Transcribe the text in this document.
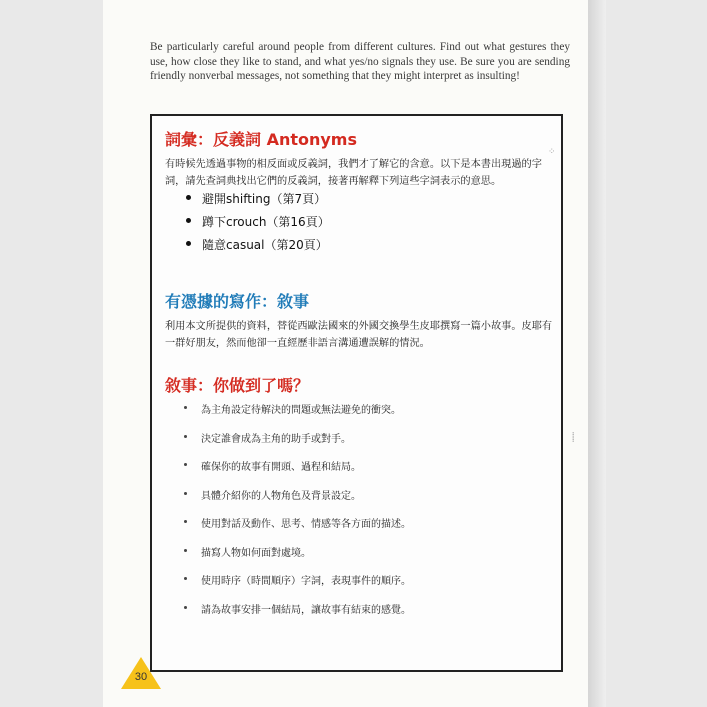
Be particularly careful around people from different cultures. Find out what gestures they use, how close they like to stand, and what yes/no signals they use. Be sure you are sending friendly nonverbal messages, not something that they might interpret as insulting!

詞彙：反義詞 Antonyms

有時候先透過事物的相反面或反義詞，我們才了解它的含意。以下是本書出現過的字詞，請先查詞典找出它們的反義詞，接著再解釋下列這些字詞表示的意思。

避開shifting（第7頁）
蹲下crouch（第16頁）
隨意casual（第20頁）
有憑據的寫作：敘事

利用本文所提供的資料，替從西歐法國來的外國交換學生皮耶撰寫一篇小故事。皮耶有一群好朋友，然而他卻一直經歷非語言溝通遭誤解的情況。

敘事：你做到了嗎？
為主角設定待解決的問題或無法避免的衝突。
決定誰會成為主角的助手或對手。
確保你的故事有開頭、過程和結局。
具體介紹你的人物角色及背景設定。
使用對話及動作、思考、情感等各方面的描述。
描寫人物如何面對處境。
使用時序（時間順序）字詞，表現事件的順序。
請為故事安排一個結局，讓故事有結束的感覺。
30
⁘
⸽
